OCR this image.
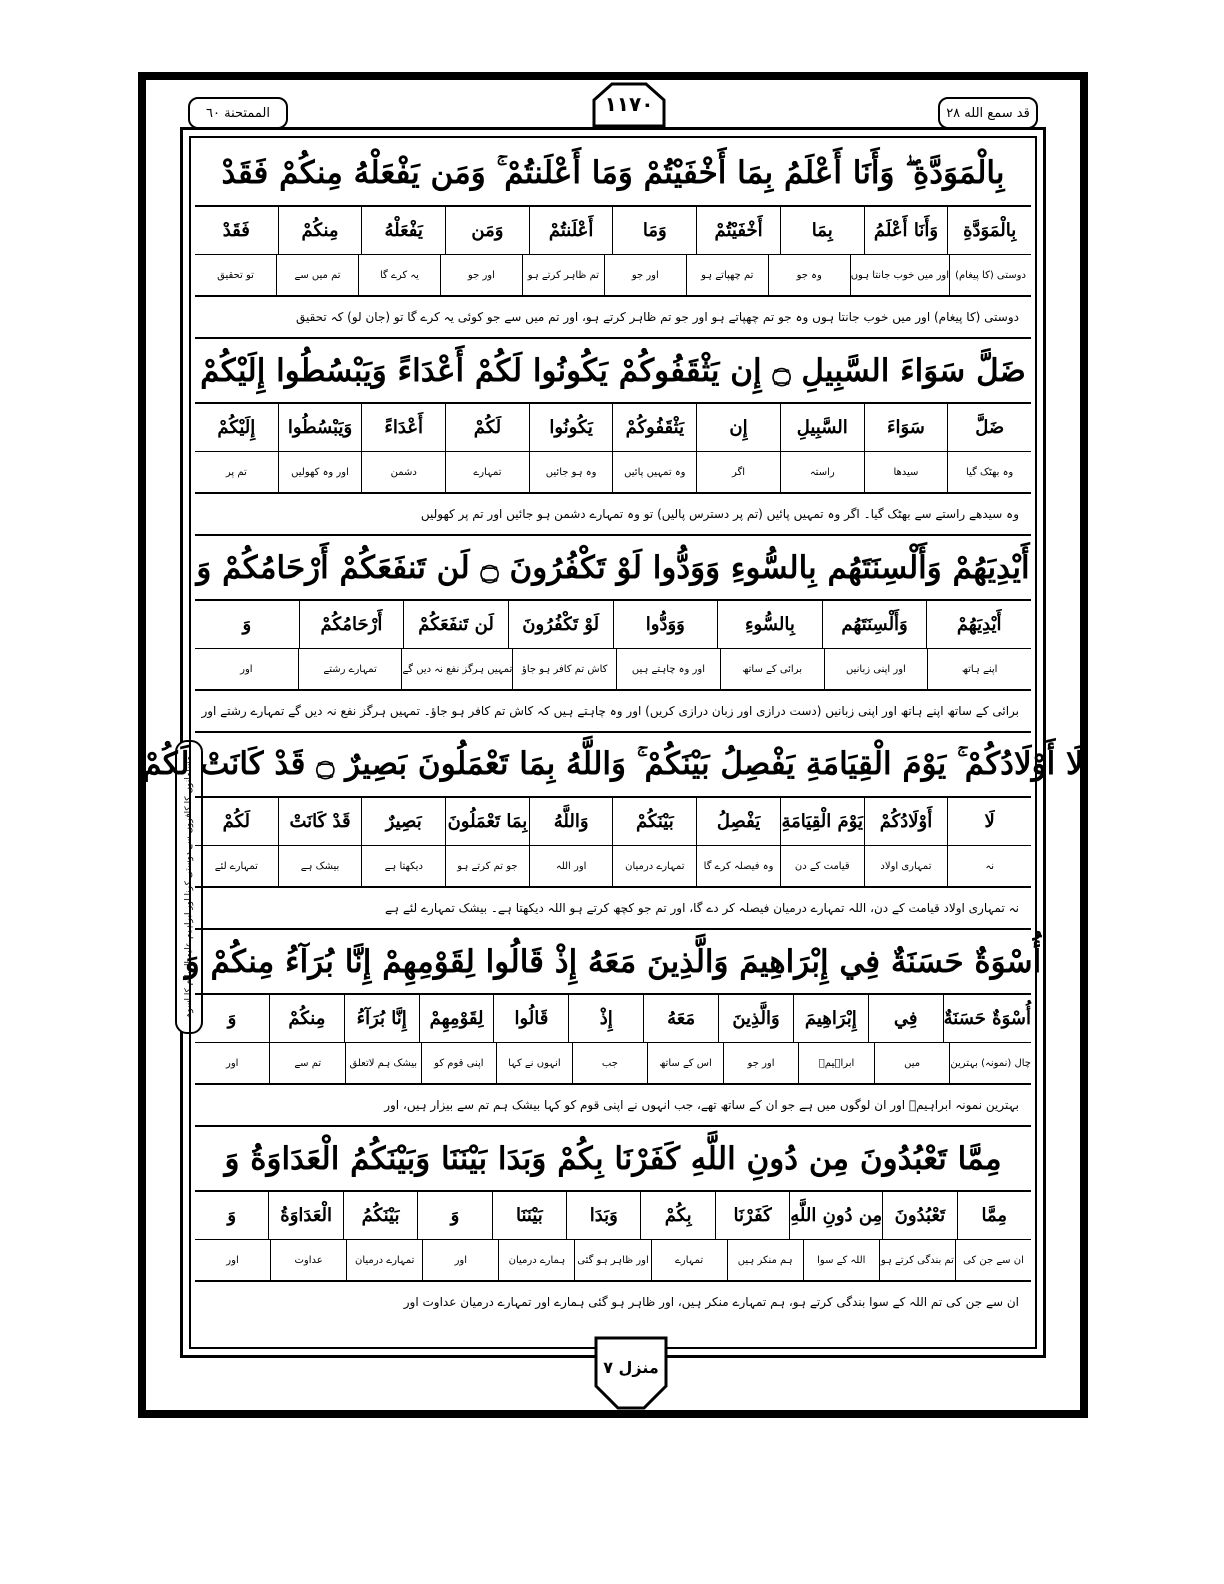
الممتحنة ٦٠	قد سمع الله ٢٨
١١٧٠
مسلمانوں کا کافروں سے دوستی کرنا اور ابراہیم علیہ السلام کا اسوہ
بِالْمَوَدَّةِ ۖ وَأَنَا أَعْلَمُ بِمَا أَخْفَيْتُمْ وَمَا أَعْلَنتُمْ ۚ وَمَن يَفْعَلْهُ مِنكُمْ فَقَدْ
بِالْمَوَدَّةِ
وَأَنَا أَعْلَمُ
بِمَا
أَخْفَيْتُمْ
وَمَا
أَعْلَنتُمْ
وَمَن
يَفْعَلْهُ
مِنكُمْ
فَقَدْ
دوستی (کا پیغام)
اور میں خوب جانتا ہوں
وہ جو
تم چھپاتے ہو
اور جو
تم ظاہر کرتے ہو
اور جو
یہ کرے گا
تم میں سے
تو تحقیق
دوستی (کا پیغام) اور میں خوب جانتا ہوں وہ جو تم چھپاتے ہو اور جو تم ظاہر کرتے ہو، اور تم میں سے جو کوئی یہ کرے گا تو (جان لو) کہ تحقیق
ضَلَّ سَوَاءَ السَّبِيلِ ۝ إِن يَثْقَفُوكُمْ يَكُونُوا لَكُمْ أَعْدَاءً وَيَبْسُطُوا إِلَيْكُمْ
ضَلَّ
سَوَاءَ
السَّبِيلِ
إِن
يَثْقَفُوكُمْ
يَكُونُوا
لَكُمْ
أَعْدَاءً
وَيَبْسُطُوا
إِلَيْكُمْ
وہ بھٹک گیا
سیدھا
راستہ
اگر
وہ تمہیں پائیں
وہ ہو جائیں
تمہارے
دشمن
اور وہ کھولیں
تم پر
وہ سیدھے راستے سے بھٹک گیا۔ اگر وہ تمہیں پائیں (تم پر دسترس پالیں) تو وہ تمہارے دشمن ہو جائیں اور تم پر کھولیں
أَيْدِيَهُمْ وَأَلْسِنَتَهُم بِالسُّوءِ وَوَدُّوا لَوْ تَكْفُرُونَ ۝ لَن تَنفَعَكُمْ أَرْحَامُكُمْ وَ
أَيْدِيَهُمْ
وَأَلْسِنَتَهُم
بِالسُّوءِ
وَوَدُّوا
لَوْ تَكْفُرُونَ
لَن تَنفَعَكُمْ
أَرْحَامُكُمْ
وَ
اپنے ہاتھ
اور اپنی زبانیں
برائی کے ساتھ
اور وہ چاہتے ہیں
کاش تم کافر ہو جاؤ
تمہیں ہرگز نفع نہ دیں گے
تمہارے رشتے
اور
برائی کے ساتھ اپنے ہاتھ اور اپنی زبانیں (دست درازی اور زبان درازی کریں) اور وہ چاہتے ہیں کہ کاش تم کافر ہو جاؤ۔ تمہیں ہرگز نفع نہ دیں گے تمہارے رشتے اور
لَا أَوْلَادُكُمْ ۚ يَوْمَ الْقِيَامَةِ يَفْصِلُ بَيْنَكُمْ ۚ وَاللَّهُ بِمَا تَعْمَلُونَ بَصِيرٌ ۝ قَدْ كَانَتْ لَكُمْ
لَا
أَوْلَادُكُمْ
يَوْمَ الْقِيَامَةِ
يَفْصِلُ
بَيْنَكُمْ
وَاللَّهُ
بِمَا تَعْمَلُونَ
بَصِيرٌ
قَدْ كَانَتْ
لَكُمْ
نہ
تمہاری اولاد
قیامت کے دن
وہ فیصلہ کرے گا
تمہارے درمیان
اور اللہ
جو تم کرتے ہو
دیکھتا ہے
بیشک ہے
تمہارے لئے
نہ تمہاری اولاد قیامت کے دن، اللہ تمہارے درمیان فیصلہ کر دے گا، اور تم جو کچھ کرتے ہو اللہ دیکھتا ہے۔ بیشک تمہارے لئے ہے
أُسْوَةٌ حَسَنَةٌ فِي إِبْرَاهِيمَ وَالَّذِينَ مَعَهُ إِذْ قَالُوا لِقَوْمِهِمْ إِنَّا بُرَآءُ مِنكُمْ وَ
أُسْوَةٌ حَسَنَةٌ
فِي
إِبْرَاهِيمَ
وَالَّذِينَ
مَعَهُ
إِذْ
قَالُوا
لِقَوْمِهِمْ
إِنَّا بُرَآءُ
مِنكُمْ
وَ
چال (نمونہ) بہترین
میں
ابراہیمؑ
اور جو
اس کے ساتھ
جب
انہوں نے کہا
اپنی قوم کو
بیشک ہم لاتعلق
تم سے
اور
بہترین نمونہ ابراہیمؑ اور ان لوگوں میں ہے جو ان کے ساتھ تھے، جب انہوں نے اپنی قوم کو کہا بیشک ہم تم سے بیزار ہیں، اور
مِمَّا تَعْبُدُونَ مِن دُونِ اللَّهِ كَفَرْنَا بِكُمْ وَبَدَا بَيْنَنَا وَبَيْنَكُمُ الْعَدَاوَةُ وَ
مِمَّا
تَعْبُدُونَ
مِن دُونِ اللَّهِ
كَفَرْنَا
بِكُمْ
وَبَدَا
بَيْنَنَا
وَ
بَيْنَكُمُ
الْعَدَاوَةُ
وَ
ان سے جن کی
تم بندگی کرتے ہو
اللہ کے سوا
ہم منکر ہیں
تمہارے
اور ظاہر ہو گئی
ہمارے درمیان
اور
تمہارے درمیان
عداوت
اور
ان سے جن کی تم اللہ کے سوا بندگی کرتے ہو، ہم تمہارے منکر ہیں، اور ظاہر ہو گئی ہمارے اور تمہارے درمیان عداوت اور
منزل ٧
